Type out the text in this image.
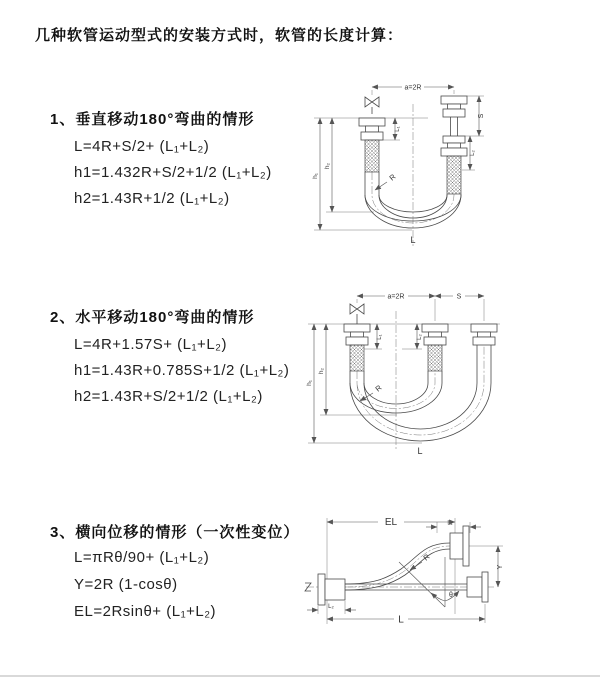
几种软管运动型式的安装方式时，软管的长度计算：
1、垂直移动180°弯曲的情形
L=4R+S/2+ (L₁+L₂)
h1=1.432R+S/2+1/2 (L₁+L₂)
h2=1.43R+1/2 (L₁+L₂)
2、水平移动180°弯曲的情形
L=4R+1.57S+ (L₁+L₂)
h1=1.43R+0.785S+1/2 (L₁+L₂)
h2=1.43R+S/2+1/2 (L₁+L₂)
3、横向位移的情形（一次性变位）
L=πRθ/90+ (L₁+L₂)
Y=2R (1-cosθ)
EL=2Rsinθ+ (L₁+L₂)
a=2R
h₁
h₂
L₁
S
L₂
R
L
a=2R	S
h₁
h₂
L₁	L₂
R
L
θ
EL	L₁
L₂
Y
R
L
